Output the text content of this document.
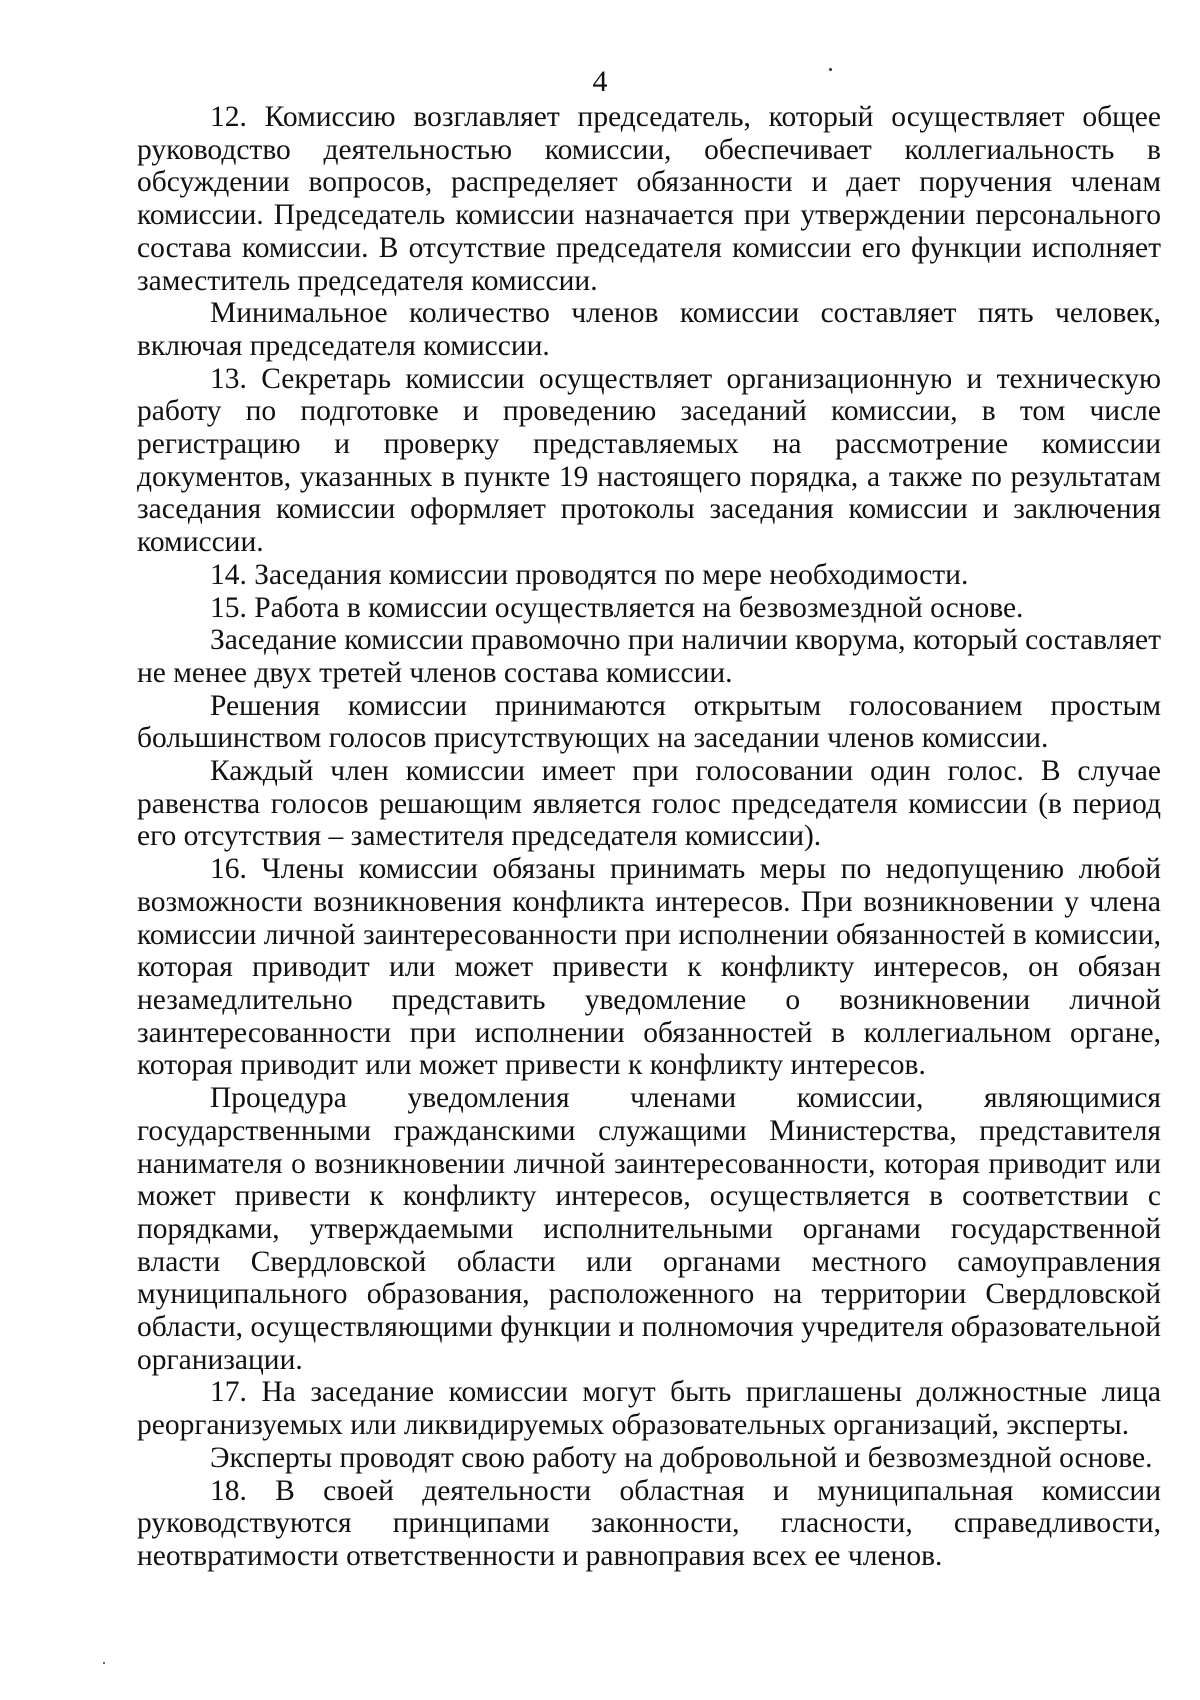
4

12. Комиссию возглавляет председатель, который осуществляет общее руководство деятельностью комиссии, обеспечивает коллегиальность в обсуждении вопросов, распределяет обязанности и дает поручения членам комиссии. Председатель комиссии назначается при утверждении персонального состава комиссии. В отсутствие председателя комиссии его функции исполняет заместитель председателя комиссии.

Минимальное количество членов комиссии составляет пять человек, включая председателя комиссии.

13. Секретарь комиссии осуществляет организационную и техническую работу по подготовке и проведению заседаний комиссии, в том числе регистрацию и проверку представляемых на рассмотрение комиссии документов, указанных в пункте 19 настоящего порядка, а также по результатам заседания комиссии оформляет протоколы заседания комиссии и заключения комиссии.

14. Заседания комиссии проводятся по мере необходимости.

15. Работа в комиссии осуществляется на безвозмездной основе.

Заседание комиссии правомочно при наличии кворума, который составляет не менее двух третей членов состава комиссии.

Решения комиссии принимаются открытым голосованием простым большинством голосов присутствующих на заседании членов комиссии.

Каждый член комиссии имеет при голосовании один голос. В случае равенства голосов решающим является голос председателя комиссии (в период его отсутствия – заместителя председателя комиссии).

16. Члены комиссии обязаны принимать меры по недопущению любой возможности возникновения конфликта интересов. При возникновении у члена комиссии личной заинтересованности при исполнении обязанностей в комиссии, которая приводит или может привести к конфликту интересов, он обязан незамедлительно представить уведомление о возникновении личной заинтересованности при исполнении обязанностей в коллегиальном органе, которая приводит или может привести к конфликту интересов.

Процедура уведомления членами комиссии, являющимися государственными гражданскими служащими Министерства, представителя нанимателя о возникновении личной заинтересованности, которая приводит или может привести к конфликту интересов, осуществляется в соответствии с порядками, утверждаемыми исполнительными органами государственной власти Свердловской области или органами местного самоуправления муниципального образования, расположенного на территории Свердловской области, осуществляющими функции и полномочия учредителя образовательной организации.

17. На заседание комиссии могут быть приглашены должностные лица реорганизуемых или ликвидируемых образовательных организаций, эксперты.

Эксперты проводят свою работу на добровольной и безвозмездной основе.

18. В своей деятельности областная и муниципальная комиссии руководствуются принципами законности, гласности, справедливости, неотвратимости ответственности и равноправия всех ее членов.
